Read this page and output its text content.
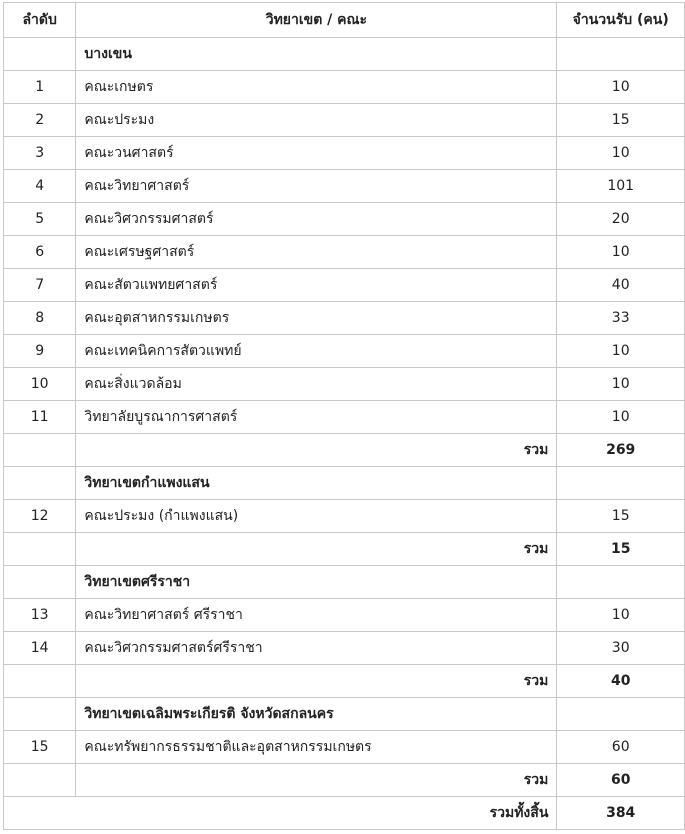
ลำดับ	วิทยาเขต / คณะ	จำนวนรับ (คน)
	บางเขน	
1	คณะเกษตร	10
2	คณะประมง	15
3	คณะวนศาสตร์	10
4	คณะวิทยาศาสตร์	101
5	คณะวิศวกรรมศาสตร์	20
6	คณะเศรษฐศาสตร์	10
7	คณะสัตวแพทยศาสตร์	40
8	คณะอุตสาหกรรมเกษตร	33
9	คณะเทคนิคการสัตวแพทย์	10
10	คณะสิ่งแวดล้อม	10
11	วิทยาลัยบูรณาการศาสตร์	10
	รวม	269
	วิทยาเขตกำแพงแสน	
12	คณะประมง (กำแพงแสน)	15
	รวม	15
	วิทยาเขตศรีราชา	
13	คณะวิทยาศาสตร์ ศรีราชา	10
14	คณะวิศวกรรมศาสตร์ศรีราชา	30
	รวม	40
	วิทยาเขตเฉลิมพระเกียรติ จังหวัดสกลนคร	
15	คณะทรัพยากรธรรมชาติและอุตสาหกรรมเกษตร	60
	รวม	60
รวมทั้งสิ้น		384
